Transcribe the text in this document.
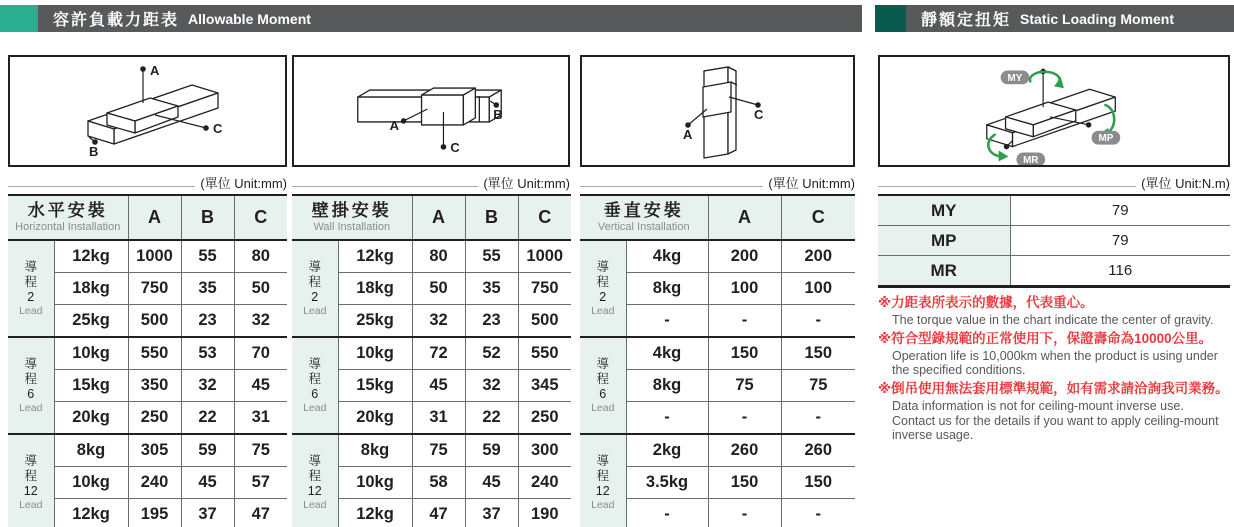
容許負載力距表 Allowable Moment	靜額定扭矩 Static Loading Moment
A
C
B
(單位 Unit:mm)
水平安裝
Horizontal Installation		A	B	C

導
程
2
Lead	12kg	1000	55	80
	18kg	750	35	50
	25kg	500	23	32

導
程
6
Lead	10kg	550	53	70
	15kg	350	32	45
	20kg	250	22	31

導
程
12
Lead	8kg	305	59	75
	10kg	240	45	57
	12kg	195	37	47
A
B
C
(單位 Unit:mm)
壁掛安裝
Wall Installation		A	B	C

導
程
2
Lead	12kg	80	55	1000
	18kg	50	35	750
	25kg	32	23	500

導
程
6
Lead	10kg	72	52	550
	15kg	45	32	345
	20kg	31	22	250

導
程
12
Lead	8kg	75	59	300
	10kg	58	45	240
	12kg	47	37	190
A
C
(單位 Unit:mm)
垂直安裝
Vertical Installation		A	C

導
程
2
Lead	4kg	200	200
	8kg	100	100
	-	-	-

導
程
6
Lead	4kg	150	150
	8kg	75	75
	-	-	-

導
程
12
Lead	2kg	260	260
	3.5kg	150	150
	-	-	-
MY
MP
MR
(單位 Unit:N.m)
MY	79
MP	79
MR	116
※力距表所表示的數據，代表重心。
The torque value in the chart indicate the center of gravity.
※符合型錄規範的正常使用下，保證壽命為10000公里。
Operation life is 10,000km when the product is using under the specified conditions.
※倒吊使用無法套用標準規範，如有需求請洽詢我司業務。
Data information is not for ceiling-mount inverse use. Contact us for the details if you want to apply ceiling-mount inverse usage.
